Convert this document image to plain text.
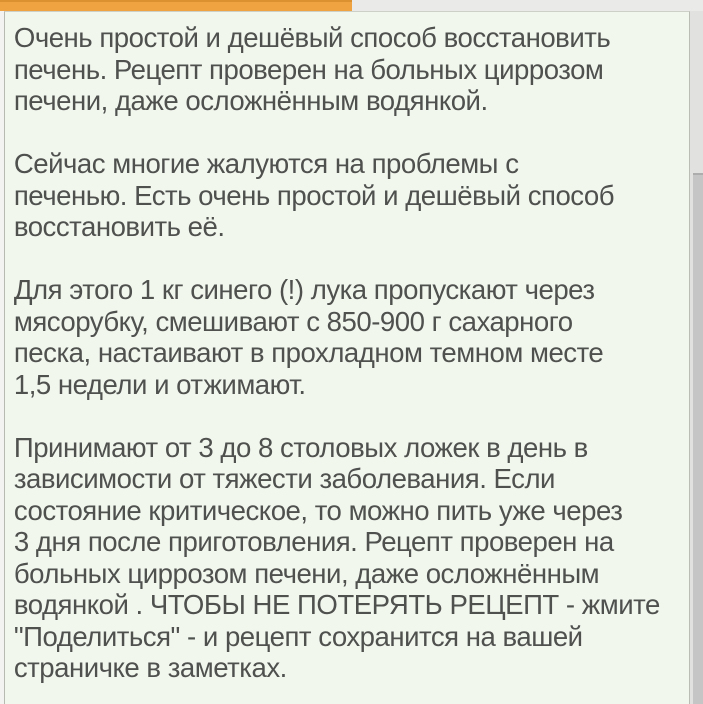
Очень простой и дешёвый способ восстановить
печень. Рецепт проверен на больных циррозом
печени, даже осложнённым водянкой.
Сейчас многие жалуются на проблемы с
печенью. Есть очень простой и дешёвый способ
восстановить её.
Для этого 1 кг синего (!) лука пропускают через
мясорубку, смешивают с 850-900 г сахарного
песка, настаивают в прохладном темном месте
1,5 недели и отжимают.
Принимают от 3 до 8 столовых ложек в день в
зависимости от тяжести заболевания. Если
состояние критическое, то можно пить уже через
3 дня после приготовления. Рецепт проверен на
больных циррозом печени, даже осложнённым
водянкой . ЧТОБЫ НЕ ПОТЕРЯТЬ РЕЦЕПТ - жмите
"Поделиться" - и рецепт сохранится на вашей
страничке в заметках.
